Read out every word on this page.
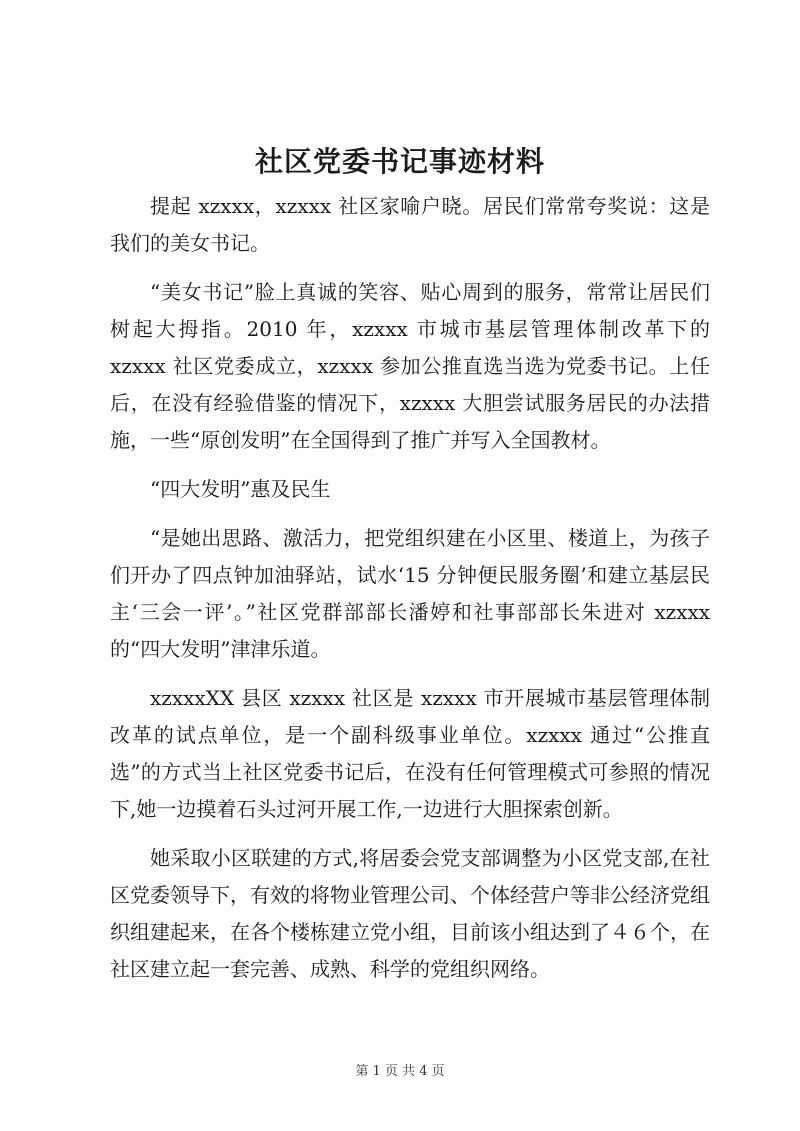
社区党委书记事迹材料

提起 xzxxx，xzxxx 社区家喻户晓。居民们常常夸奖说：这是我们的美女书记。

“美女书记”脸上真诚的笑容、贴心周到的服务，常常让居民们树起大拇指。2010 年，xzxxx 市城市基层管理体制改革下的 xzxxx 社区党委成立，xzxxx 参加公推直选当选为党委书记。上任后，在没有经验借鉴的情况下，xzxxx 大胆尝试服务居民的办法措施，一些“原创发明”在全国得到了推广并写入全国教材。

“四大发明”惠及民生

“是她出思路、激活力，把党组织建在小区里、楼道上，为孩子们开办了四点钟加油驿站，试水‘15 分钟便民服务圈’和建立基层民主‘三会一评’。”社区党群部部长潘婷和社事部部长朱进对 xzxxx 的“四大发明”津津乐道。

xzxxxXX 县区 xzxxx 社区是 xzxxx 市开展城市基层管理体制改革的试点单位，是一个副科级事业单位。xzxxx 通过“公推直选”的方式当上社区党委书记后，在没有任何管理模式可参照的情况下,她一边摸着石头过河开展工作,一边进行大胆探索创新。

她采取小区联建的方式,将居委会党支部调整为小区党支部,在社区党委领导下，有效的将物业管理公司、个体经营户等非公经济党组织组建起来，在各个楼栋建立党小组，目前该小组达到了４６个，在社区建立起一套完善、成熟、科学的党组织网络。

第 1 页 共 4 页
